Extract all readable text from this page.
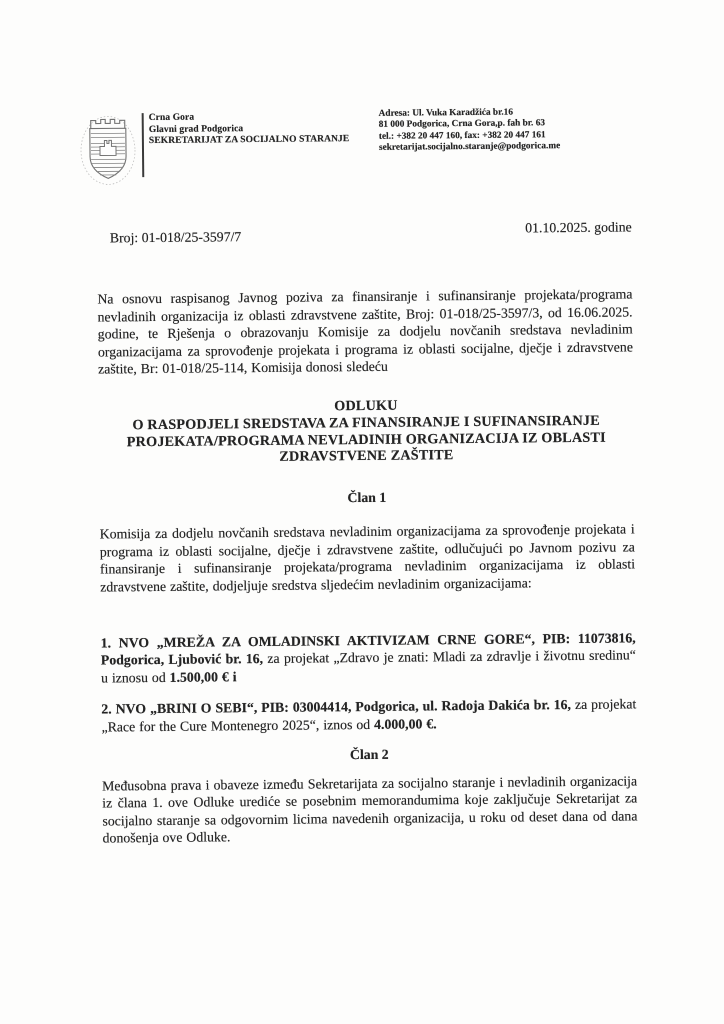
Crna Gora
Glavni grad Podgorica
SEKRETARIJAT ZA SOCIJALNO STARANJE
Adresa: Ul. Vuka Karadžića br.16
81 000 Podgorica, Crna Gora,p. fah br. 63
tel.: +382 20 447 160, fax: +382 20 447 161
sekretarijat.socijalno.staranje@podgorica.me
Broj: 01-018/25-3597/7
01.10.2025. godine

Na osnovu raspisanog Javnog poziva za finansiranje i sufinansiranje projekata/programa nevladinih organizacija iz oblasti zdravstvene zaštite, Broj: 01-018/25-3597/3, od 16.06.2025. godine, te Rješenja o obrazovanju Komisije za dodjelu novčanih sredstava nevladinim organizacijama za sprovođenje projekata i programa iz oblasti socijalne, dječje i zdravstvene zaštite, Br: 01-018/25-114, Komisija donosi sledeću

ODLUKU
O RASPODJELI SREDSTAVA ZA FINANSIRANJE I SUFINANSIRANJE
PROJEKATA/PROGRAMA NEVLADINIH ORGANIZACIJA IZ OBLASTI
ZDRAVSTVENE ZAŠTITE
Član 1

Komisija za dodjelu novčanih sredstava nevladinim organizacijama za sprovođenje projekata i programa iz oblasti socijalne, dječje i zdravstvene zaštite, odlučujući po Javnom pozivu za finansiranje i sufinansiranje projekata/programa nevladinim organizacijama iz oblasti zdravstvene zaštite, dodjeljuje sredstva sljedećim nevladinim organizacijama:

1. NVO „MREŽA ZA OMLADINSKI AKTIVIZAM CRNE GORE“, PIB: 11073816, Podgorica, Ljubović br. 16, za projekat „Zdravo je znati: Mladi za zdravlje i životnu sredinu“ u iznosu od 1.500,00 € i

2. NVO „BRINI O SEBI“, PIB: 03004414, Podgorica, ul. Radoja Dakića br. 16, za projekat „Race for the Cure Montenegro 2025“, iznos od 4.000,00 €.

Član 2

Međusobna prava i obaveze između Sekretarijata za socijalno staranje i nevladinih organizacija iz člana 1. ove Odluke urediće se posebnim memorandumima koje zaključuje Sekretarijat za socijalno staranje sa odgovornim licima navedenih organizacija, u roku od deset dana od dana donošenja ove Odluke.
